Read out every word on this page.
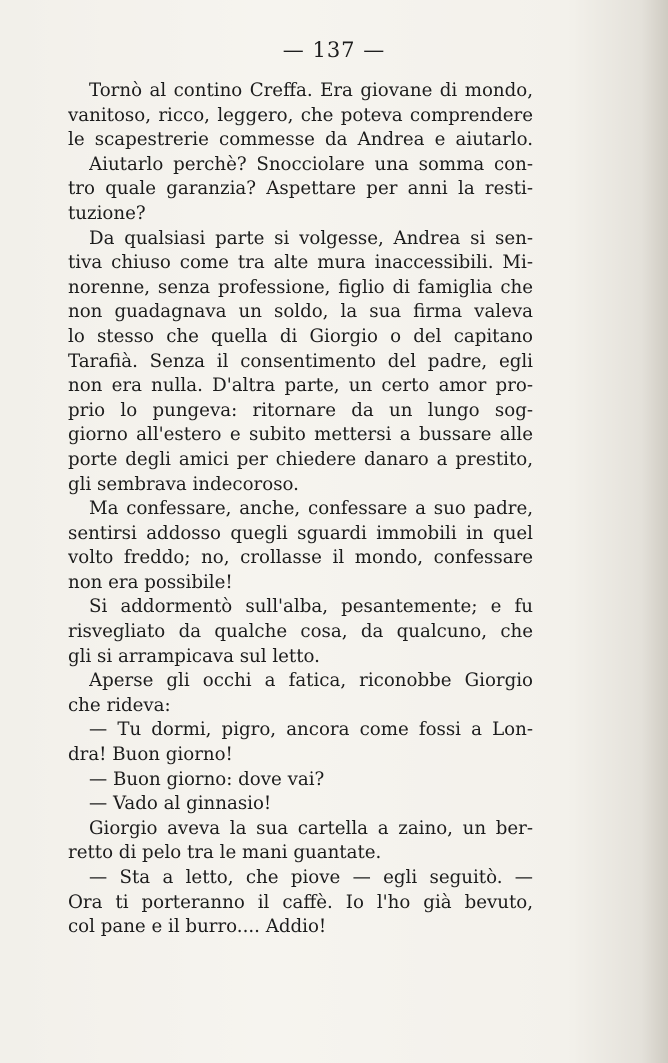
— 137 —
Tornò al contino Creffa. Era giovane di mondo,
vanitoso, ricco, leggero, che poteva comprendere
le scapestrerie commesse da Andrea e aiutarlo.
Aiutarlo perchè? Snocciolare una somma con-
tro quale garanzia? Aspettare per anni la resti-
tuzione?
Da qualsiasi parte si volgesse, Andrea si sen-
tiva chiuso come tra alte mura inaccessibili. Mi-
norenne, senza professione, figlio di famiglia che
non guadagnava un soldo, la sua firma valeva
lo stesso che quella di Giorgio o del capitano
Tarafià. Senza il consentimento del padre, egli
non era nulla. D'altra parte, un certo amor pro-
prio lo pungeva: ritornare da un lungo sog-
giorno all'estero e subito mettersi a bussare alle
porte degli amici per chiedere danaro a prestito,
gli sembrava indecoroso.
Ma confessare, anche, confessare a suo padre,
sentirsi addosso quegli sguardi immobili in quel
volto freddo; no, crollasse il mondo, confessare
non era possibile!
Si addormentò sull'alba, pesantemente; e fu
risvegliato da qualche cosa, da qualcuno, che
gli si arrampicava sul letto.
Aperse gli occhi a fatica, riconobbe Giorgio
che rideva:
— Tu dormi, pigro, ancora come fossi a Lon-
dra! Buon giorno!
— Buon giorno: dove vai?
— Vado al ginnasio!
Giorgio aveva la sua cartella a zaino, un ber-
retto di pelo tra le mani guantate.
— Sta a letto, che piove — egli seguitò. —
Ora ti porteranno il caffè. Io l'ho già bevuto,
col pane e il burro.... Addio!
